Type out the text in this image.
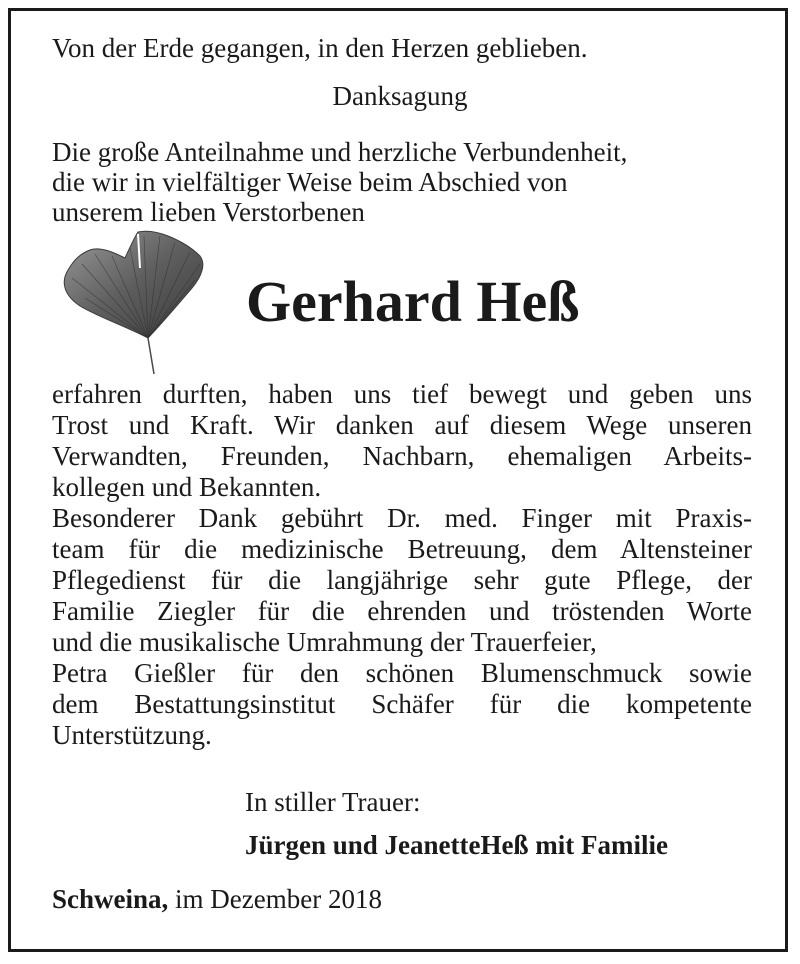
Von der Erde gegangen, in den Herzen geblieben.
Danksagung
Die große Anteilnahme und herzliche Verbundenheit,
die wir in vielfältiger Weise beim Abschied von
unserem lieben Verstorbenen
Gerhard Heß
erfahren durften, haben uns tief bewegt und geben uns
Trost und Kraft. Wir danken auf diesem Wege unseren
Verwandten, Freunden, Nachbarn, ehemaligen Arbeits-
kollegen und Bekannten.
Besonderer Dank gebührt Dr. med. Finger mit Praxis-
team für die medizinische Betreuung, dem Altensteiner
Pflegedienst für die langjährige sehr gute Pflege, der
Familie Ziegler für die ehrenden und tröstenden Worte
und die musikalische Umrahmung der Trauerfeier,
Petra Gießler für den schönen Blumenschmuck sowie
dem Bestattungsinstitut Schäfer für die kompetente
Unterstützung.
In stiller Trauer:
Jürgen und JeanetteHeß mit Familie
Schweina, im Dezember 2018
